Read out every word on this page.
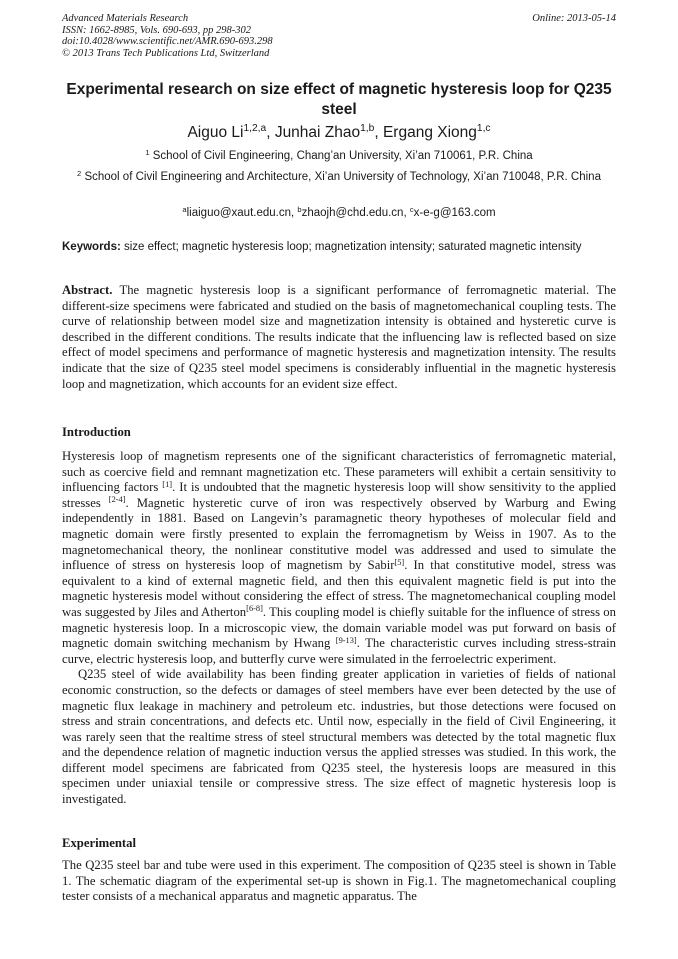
Advanced Materials Research
ISSN: 1662-8985, Vols. 690-693, pp 298-302
doi:10.4028/www.scientific.net/AMR.690-693.298
© 2013 Trans Tech Publications Ltd, Switzerland
Online: 2013-05-14
Experimental research on size effect of magnetic hysteresis loop for Q235 steel
Aiguo Li$^{1,2,a}$, Junhai Zhao$^{1,b}$, Ergang Xiong$^{1,c}$
$^1$ School of Civil Engineering, Chang’an University, Xi’an 710061, P.R. China
$^2$ School of Civil Engineering and Architecture, Xi’an University of Technology, Xi’an 710048, P.R. China
$^a$liaiguo@xaut.edu.cn, $^b$zhaojh@chd.edu.cn, $^c$x-e-g@163.com
Keywords: size effect; magnetic hysteresis loop; magnetization intensity; saturated magnetic intensity

Abstract. The magnetic hysteresis loop is a significant performance of ferromagnetic material. The different-size specimens were fabricated and studied on the basis of magnetomechanical coupling tests. The curve of relationship between model size and magnetization intensity is obtained and hysteretic curve is described in the different conditions. The results indicate that the influencing law is reflected based on size effect of model specimens and performance of magnetic hysteresis and magnetization intensity. The results indicate that the size of Q235 steel model specimens is considerably influential in the magnetic hysteresis loop and magnetization, which accounts for an evident size effect.

Introduction

Hysteresis loop of magnetism represents one of the significant characteristics of ferromagnetic material, such as coercive field and remnant magnetization etc. These parameters will exhibit a certain sensitivity to influencing factors [1]. It is undoubted that the magnetic hysteresis loop will show sensitivity to the applied stresses [2-4]. Magnetic hysteretic curve of iron was respectively observed by Warburg and Ewing independently in 1881. Based on Langevin’s paramagnetic theory hypotheses of molecular field and magnetic domain were firstly presented to explain the ferromagnetism by Weiss in 1907. As to the magnetomechanical theory, the nonlinear constitutive model was addressed and used to simulate the influence of stress on hysteresis loop of magnetism by Sabir[5]. In that constitutive model, stress was equivalent to a kind of external magnetic field, and then this equivalent magnetic field is put into the magnetic hysteresis model without considering the effect of stress. The magnetomechanical coupling model was suggested by Jiles and Atherton[6-8]. This coupling model is chiefly suitable for the influence of stress on magnetic hysteresis loop. In a microscopic view, the domain variable model was put forward on basis of magnetic domain switching mechanism by Hwang [9-13]. The characteristic curves including stress-strain curve, electric hysteresis loop, and butterfly curve were simulated in the ferroelectric experiment.

Q235 steel of wide availability has been finding greater application in varieties of fields of national economic construction, so the defects or damages of steel members have ever been detected by the use of magnetic flux leakage in machinery and petroleum etc. industries, but those detections were focused on stress and strain concentrations, and defects etc. Until now, especially in the field of Civil Engineering, it was rarely seen that the realtime stress of steel structural members was detected by the total magnetic flux and the dependence relation of magnetic induction versus the applied stresses was studied. In this work, the different model specimens are fabricated from Q235 steel, the hysteresis loops are measured in this specimen under uniaxial tensile or compressive stress. The size effect of magnetic hysteresis loop is investigated.

Experimental

The Q235 steel bar and tube were used in this experiment. The composition of Q235 steel is shown in Table 1. The schematic diagram of the experimental set-up is shown in Fig.1. The magnetomechanical coupling tester consists of a mechanical apparatus and magnetic apparatus. The
